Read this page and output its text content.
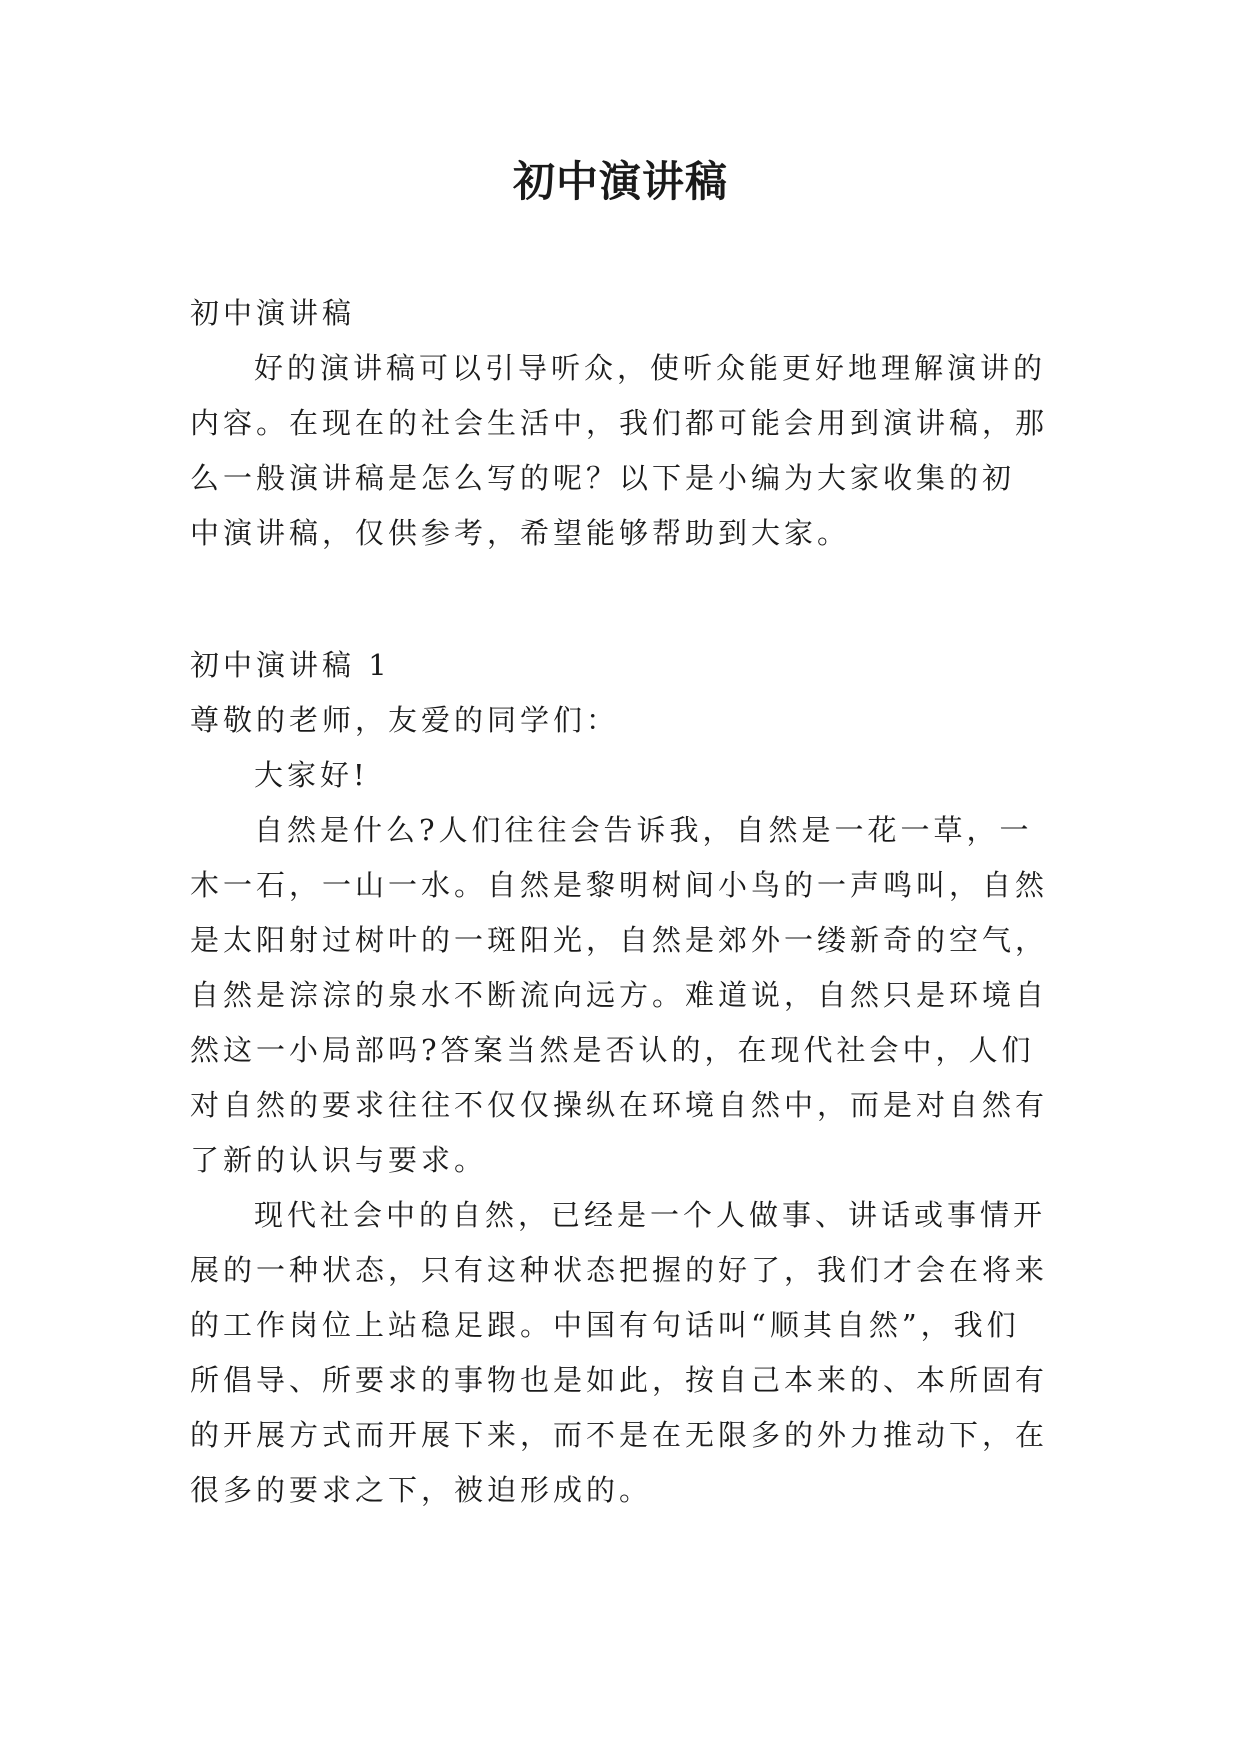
初中演讲稿
初中演讲稿
好的演讲稿可以引导听众，使听众能更好地理解演讲的
内容。在现在的社会生活中，我们都可能会用到演讲稿，那
么一般演讲稿是怎么写的呢？以下是小编为大家收集的初
中演讲稿，仅供参考，希望能够帮助到大家。
初中演讲稿 1
尊敬的老师，友爱的同学们：
大家好!
自然是什么?人们往往会告诉我，自然是一花一草，一
木一石，一山一水。自然是黎明树间小鸟的一声鸣叫，自然
是太阳射过树叶的一斑阳光，自然是郊外一缕新奇的空气，
自然是淙淙的泉水不断流向远方。难道说，自然只是环境自
然这一小局部吗?答案当然是否认的，在现代社会中，人们
对自然的要求往往不仅仅操纵在环境自然中，而是对自然有
了新的认识与要求。
现代社会中的自然，已经是一个人做事、讲话或事情开
展的一种状态，只有这种状态把握的好了，我们才会在将来
的工作岗位上站稳足跟。中国有句话叫“顺其自然”，我们
所倡导、所要求的事物也是如此，按自己本来的、本所固有
的开展方式而开展下来，而不是在无限多的外力推动下，在
很多的要求之下，被迫形成的。
